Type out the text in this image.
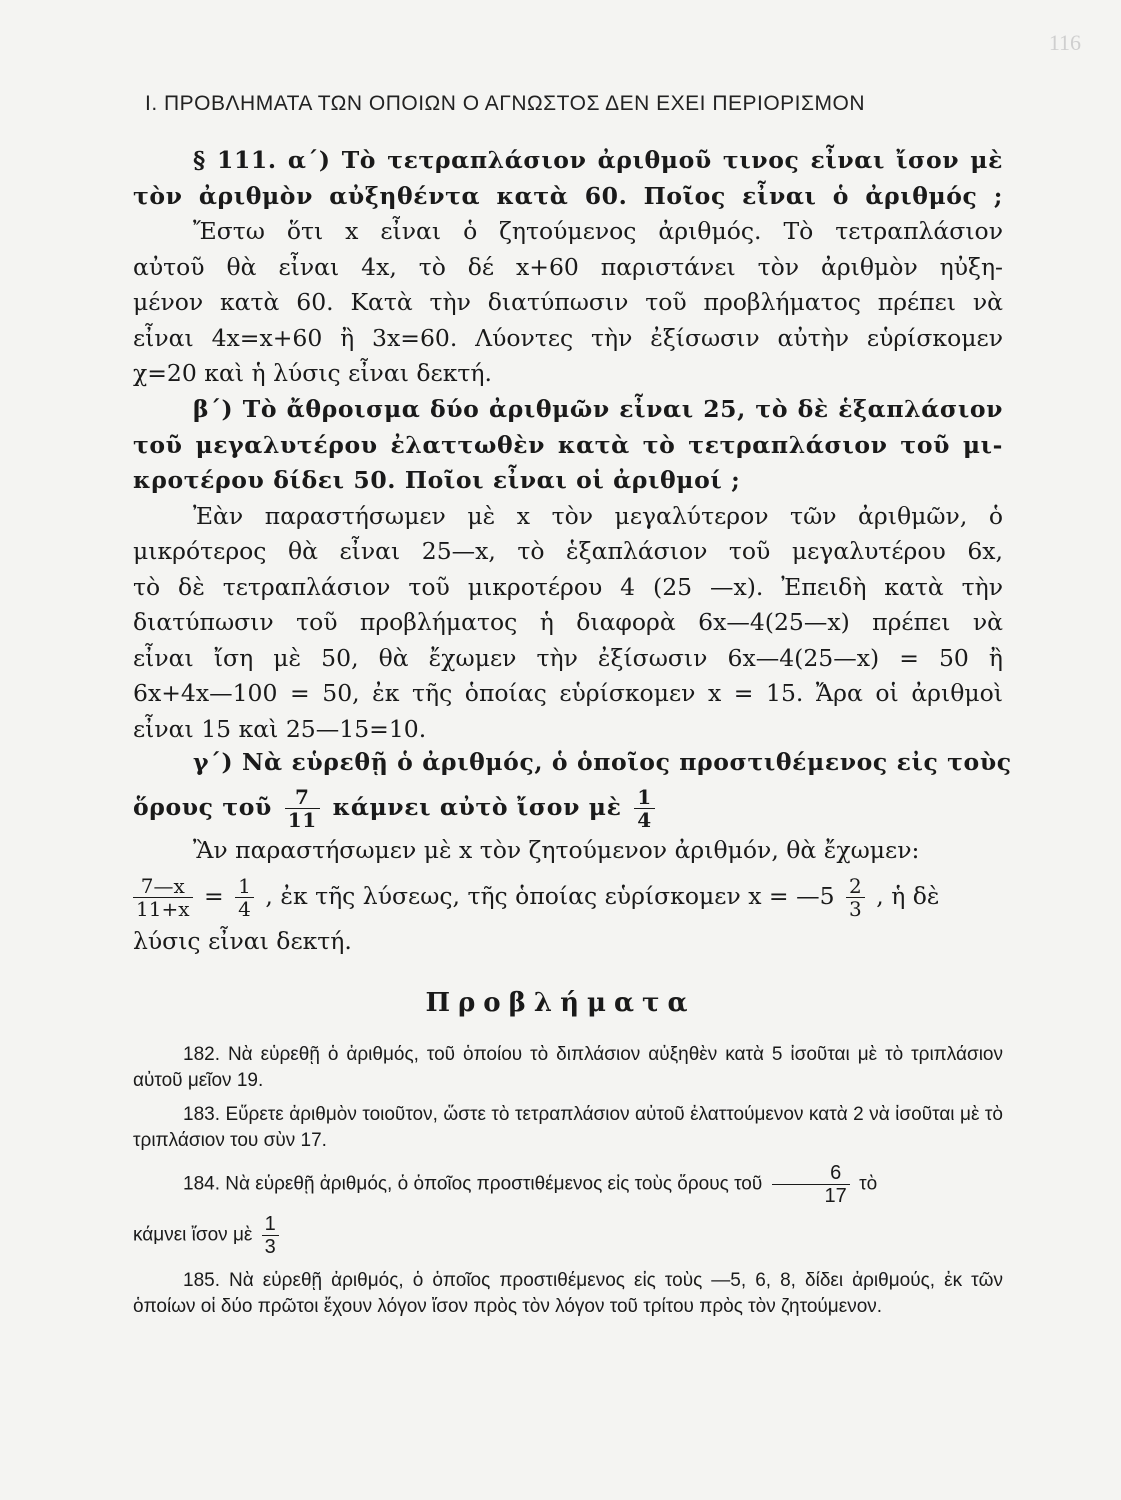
116
I. ΠΡΟΒΛΗΜΑΤΑ ΤΩΝ ΟΠΟΙΩΝ Ο ΑΓΝΩΣΤΟΣ ΔΕΝ ΕΧΕΙ ΠΕΡΙΟΡΙΣΜΟΝ
§ 111. α΄) Τὸ τετραπλάσιον ἀριθμοῦ τινος εἶναι ἴσον μὲ
τὸν ἀριθμὸν αὐξηθέντα κατὰ 60. Ποῖος εἶναι ὁ ἀριθμός ;
Ἔστω ὅτι x εἶναι ὁ ζητούμενος ἀριθμός. Τὸ τετραπλάσιον
αὐτοῦ θὰ εἶναι 4x, τὸ δέ x+60 παριστάνει τὸν ἀριθμὸν ηὐξη-
μένον κατὰ 60. Κατὰ τὴν διατύπωσιν τοῦ προβλήματος πρέπει νὰ
εἶναι 4x=x+60 ἢ 3x=60. Λύοντες τὴν ἐξίσωσιν αὐτὴν εὑρίσκομεν
χ=20 καὶ ἡ λύσις εἶναι δεκτή.
β΄) Τὸ ἄθροισμα δύο ἀριθμῶν εἶναι 25, τὸ δὲ ἑξαπλάσιον
τοῦ μεγαλυτέρου ἐλαττωθὲν κατὰ τὸ τετραπλάσιον τοῦ μι-
κροτέρου δίδει 50. Ποῖοι εἶναι οἱ ἀριθμοί ;
Ἐὰν παραστήσωμεν μὲ x τὸν μεγαλύτερον τῶν ἀριθμῶν, ὁ
μικρότερος θὰ εἶναι 25—x, τὸ ἑξαπλάσιον τοῦ μεγαλυτέρου 6x,
τὸ δὲ τετραπλάσιον τοῦ μικροτέρου 4 (25 —x). Ἐπειδὴ κατὰ τὴν
διατύπωσιν τοῦ προβλήματος ἡ διαφορὰ 6x—4(25—x) πρέπει νὰ
εἶναι ἴση μὲ 50, θὰ ἔχωμεν τὴν ἐξίσωσιν 6x—4(25—x) = 50 ἢ
6x+4x—100 = 50, ἐκ τῆς ὁποίας εὑρίσκομεν x = 15. Ἄρα οἱ ἀριθμοὶ
εἶναι 15 καὶ 25—15=10.
γ΄) Νὰ εὑρεθῇ ὁ ἀριθμός, ὁ ὁποῖος προστιθέμενος εἰς τοὺς
ὅρους τοῦ $\frac{7}{11}$ κάμνει αὐτὸ ἴσον μὲ $\frac{1}{4}$
Ἂν παραστήσωμεν μὲ x τὸν ζητούμενον ἀριθμόν, θὰ ἔχωμεν:
$\frac{7—x}{11+x} = \frac{1}{4}$ , ἐκ τῆς λύσεως, τῆς ὁποίας εὑρίσκομεν x = —5 $\frac{2}{3}$ , ἡ δὲ
λύσις εἶναι δεκτή.
Προβλήματα
182. Νὰ εὑρεθῇ ὁ ἀριθμός, τοῦ ὁποίου τὸ διπλάσιον αὐξηθὲν κατὰ 5 ἰσοῦται μὲ τὸ τριπλάσιον αὐτοῦ μεῖον 19.
183. Εὕρετε ἀριθμὸν τοιοῦτον, ὥστε τὸ τετραπλάσιον αὐτοῦ ἐλαττούμενον κατὰ 2 νὰ ἰσοῦται μὲ τὸ τριπλάσιον του σὺν 17.
184. Νὰ εὑρεθῇ ἀριθμός, ὁ ὁποῖος προστιθέμενος εἰς τοὺς ὅρους τοῦ $\frac{6}{17}$ τὸ
κάμνει ἴσον μὲ $\frac{1}{3}$
185. Νὰ εὑρεθῇ ἀριθμός, ὁ ὁποῖος προστιθέμενος εἰς τοὺς —5, 6, 8, δίδει ἀριθμούς, ἐκ τῶν ὁποίων οἱ δύο πρῶτοι ἔχουν λόγον ἴσον πρὸς τὸν λόγον τοῦ τρίτου πρὸς τὸν ζητούμενον.
